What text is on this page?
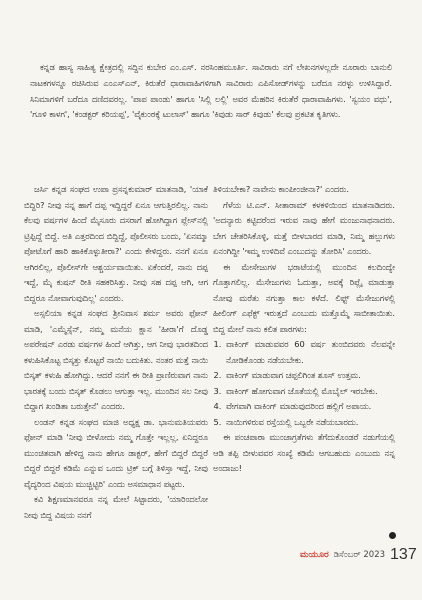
ಕನ್ನಡ ಹಾಸ್ಯ ಸಾಹಿತ್ಯ ಕ್ಷೇತ್ರದಲ್ಲಿ ಸದ್ದಿನ ಕುಬೇರ ಎಂ.ಎಸ್. ನರಸಿಂಹಮೂರ್ತಿ. ಸಾವಿರಾರು ನಗೆ ಲೇಖನಗಳಲ್ಲದೇ ನೂರಾರು ಬಾನುಲಿ ನಾಟಕಗಳನ್ನೂ ರಚಿಸಿರುವ ಎಂಎಸ್ಎನ್, ಕಿರುತೆರೆ ಧಾರಾವಾಹಿಗಳಿಗಾಗಿ ಸಾವಿರಾರು ಎಪಿಸೋಡ್‌ಗಳನ್ನು ಬರೆದೂ ನರಳ್ಳು ಉಳಿಸಿದ್ದಾರೆ. ಸಿನಿಮಾಗಳಿಗೆ ಬರೆದೂ ದಣಿದವರಲ್ಲ. 'ಪಾಪ ಪಾಂಡು' ಹಾಗೂ 'ಸಿಲ್ಲಿ ಲಲ್ಲಿ' ಅವರ ಮೆಹರಿನ ಕಿರುತೆರೆ ಧಾರಾವಾಹಿಗಳು. 'ಸ್ವಯಂ ವಧು', 'ಗೂಳಿ ಕಾಳಗ', 'ಕಂಡಕ್ಟರ್ ಕರಿಯಪ್ಪ', 'ವೈಕುಂಠಕ್ಕೆ ಟುಲಾಸ್' ಹಾಗೂ 'ಕಿವುಡು ಸಾರ್ ಕಿವುಡು' ಕೆಲವು ಪ್ರಕಟಿತ ಕೃತಿಗಳು.

ಜರ್ಸಿ ಕನ್ನಡ ಸಂಘದ ಉಪಾ ಪ್ರಸನ್ನಕುಮಾರ್ ಮಾತನಾಡಿ, 'ಯಾಕೆ ಬಿದ್ದಿರಿ? ನೀವು ನನ್ನ ಹಾಗೆ ದಪ್ಪ ಇದ್ದಿದ್ದರೆ ಏನೂ ಆಗುತ್ತಿರಲಿಲ್ಲ. ನಾನು ಕೆಲವು ವರ್ಷಗಳ ಹಿಂದೆ ಮೈಸೂರು ದಸರಾಗೆ ಹೋಗಿದ್ದಾಗ ಪ್ಲೇಸ್‌ನಲ್ಲಿ ಟ್ರಿಪ್ಪಿದ್ದೆ ಬಿದ್ದೆ. ಅತಿ ಎತ್ತರದಿಂದ ಬಿದ್ದಿದ್ದೆ, ಪೊಲೀಸರು ಬಂದು, 'ಏನಮ್ಮಾ ಪೋಟೊಗೆ ಹಾರಿ ಹಾಕಿಕೊಳ್ಳುತೀರಾ?' ಎಂದು ಕೇಳಿದ್ದರು. ನನಗೆ ಏನೂ ಆಗಿರಲಿಲ್ಲ, ಪೊಲೀಸ್‌ಗೇ ಆಶ್ಚರ್ಯವಾಯಿತು. ಏಕೆಂದರೆ, ನಾನು ದಪ್ಪ ಇದ್ದೆ, ಮೈ ಕುಷನ್ ರೀತಿ ಸಹಕರಿಸಿತ್ತು. ನೀವು ಸಹ ದಪ್ಪ ಆಗಿ, ಆಗ ಬಿದ್ದರೂ ನೋವಾಗುವುದಿಲ್ಲ' ಎಂದರು.

ಅಸ್ಸಲಿಯಾ ಕನ್ನಡ ಸಂಘದ ಶ್ರೀನಿವಾಸ ಶರ್ಮ ಅವರು ಫೋನ್ ಮಾಡಿ, 'ಎಮ್ಮೆಸ್ಸೆನ್, ನಮ್ಮ ಮನೆಯ ಕ್ಷಾನ 'ಹೀರಾ'ಗೆ ದೊಡ್ಡ ಅಪರೇಷನ್ ಎರಡು ವರ್ಷಗಳ ಹಿಂದೆ ಆಗಿತ್ತು, ಆಗ ನೀವು ಭಾರತದಿಂದ ಕಳುಹಿಸಿಕೊಟ್ಟ ಬಿಸ್ಕತ್ತು ಕೊಟ್ಟರೆ ನಾಯಿ ಬದುಕಿತು. ನಂತರ ಮತ್ತೆ ನಾಯಿ ಬಿಸ್ಕತ್ ಕಳುಹಿ ಹೋಗಿದ್ದು. ಆದರೆ ನನಗೆ ಈ ರೀತಿ ಪ್ರಾಣಿರುವಾಗ ನಾನು ಭಾರತಕ್ಕೆ ಬಂದು ಬಿಸ್ಕತ್ ಕೊಡಲು ಆಗುತ್ತಾ ಇಲ್ಲ. ಮುಂದಿನ ಸಲ ನೀವು ಬಿದ್ದಾಗ ಖಂಡಿತಾ ಬರುತ್ತೇನೆ' ಎಂದರು.

ಲಂಡನ್ ಕನ್ನಡ ಸಂಘದ ಮಾಜಿ ಅಧ್ಯಕ್ಷ ಡಾ. ಭಾನುಮತಿಯವರು ಫೋನ್ ಮಾಡಿ 'ನೀವು ಬೀಳೋದು ನಮ್ಮ ಗೊತ್ತೇ ಇಲ್ಲಲ್ಲ, ಏನಿದ್ದರೂ ಮುಂಚಿತವಾಗಿ ಹೇಳಿದ್ದ ನಾನು ಹೇಗೂ ಡಾಕ್ಟರ್, ಹೇಗೆ ಬಿದ್ದರೆ ಬಿದ್ದರೆ ಬಿದ್ದರೆ ಬಿದ್ದರೆ ಕಡಿಮೆ ಎನ್ನುವ ಒಂದು ಟ್ರಿಕ್ ಬಗ್ಗೆ ತಿಳಿಸ್ತಾ ಇದ್ದೆ, ನೀವು ವೈದ್ಯರಿಂದ ವಿಷಯ ಮುಚ್ಚಿಟ್ಟಿರಿ' ಎಂದು ಅಸಮಾಧಾನ ಪಟ್ಟರು.

ಕವಿ ಶಿಕ್ಷಣಮಾನವರೂ ನನ್ನ ಮೇಲೆ ಸಿಟ್ಟಾದರು, 'ಯಾರಿಂದಲೋ ನೀವು ಬಿದ್ದ ವಿಷಯ ನನಗೆ

ತಿಳಿಯಬೇಕಾ? ನಾವೇನು ಕಾಂಪೀಂಜೀನಾ?' ಎಂದರು.

ಗೆಳೆಯ ಟಿ.ಎನ್. ಸೀತಾರಾಮ್ ಕಳಕಳಿಯಿಂದ ಮಾತನಾಡಿದರು. 'ಅದನ್ಯಾರು ಕಟ್ಟಿದರೆಂದ ಇರುವ ನಾವು ಹೇಗೆ ಮಂಜುನಾಥನಾದರು. ಬೇಗ ಚೇತರಿಸಿಕೊಳ್ಳಿ, ಮತ್ತೆ ಬೀಳಬಾರದ ಮಾಡಿ, ನಿಮ್ಮ ಹಲ್ಲುಗಳು ಏನಂಗಿದ್ದೀ 'ಇಮ್ಮ ಉಳಿದಿವೆ ಎಂಬುದನ್ನು ತೋರಿಸಿ' ಎಂದರು.

ಈ ಮೇಸೇಜುಗಳ ಭರಾಟೆಯಲ್ಲಿ ಮುಂದಿನ ಕಲದಿಂದ್ಯೇ ಗೊತ್ತಾಗಲಿಲ್ಲ. ಮೆಸೇಜುಗಳು ಓದುತ್ತಾ, ಅವಕ್ಕೆ ರಿಪ್ಲೈ ಮಾಡುತ್ತಾ ನೋವು ಮರೆತು ನಗುತ್ತಾ ಕಾಲ ಕಳೆದೆ. ಲಿಫ್ಟ್ ಮೆಸೇಜುಗಳಲ್ಲಿ ಹೀಲಿಂಗ್ ಎಫೆಕ್ಟ್ ಇರುತ್ತದೆ ಎಂಬುದು ಮತ್ತೊಮ್ಮೆ ಸಾಬೀತಾಯಿತು. ಬಿದ್ದ ಮೇಲೆ ನಾನು ಕಲಿತ ಪಾಠಗಳು:

1. ವಾಕಿಂಗ್ ಮಾಡುವವರ 60 ವರ್ಷ ತುಂಬಿದವರು ನೆಲವನ್ನೇ ನೋಡಿಕೊಂಡು ನಡೆಯಬೇಕು.
2. ವಾಕಿಂಗ್ ಮಾಡುವಾಗ ಚಪ್ಪಲಿಗಿಂತ ಶೂಸ್ ಉತ್ತಮ.
3. ವಾಕಿಂಗ್ ಹೋಗುವಾಗ ಜೊತೆಯಲ್ಲಿ ಮೊಬೈಲ್ ಇರಬೇಕು.
4. ವೇಗವಾಗಿ ವಾಕಿಂಗ್ ಮಾಡುವುದರಿಂದ ಹಲ್ಲಿಗೆ ಅಪಾಯ.
5. ನಾಯಿಗಳಿರುವ ರಸ್ತೆಯಲ್ಲಿ ಒಬ್ಬರೇ ನಡೆಯಬಾರದು.

ಈ ಪಂಚಪಾಠಾ ಮುಂಜಾಗ್ರತೆಗಳು ತೆಗೆದುಕೊಂಡರೆ ನಡುಗೆಯಲ್ಲಿ ಆಡಿ ತಪ್ಪಿ ಬೀಳುವವರ ಸಂಖ್ಯೆ ಕಡಿಮೆ ಆಗಬಹುದು ಎಂಬುದು ನನ್ನ ಅಂದಾಜು!

ಮಯೂರ ಡಿಸೆಂಬರ್ 2023 137
